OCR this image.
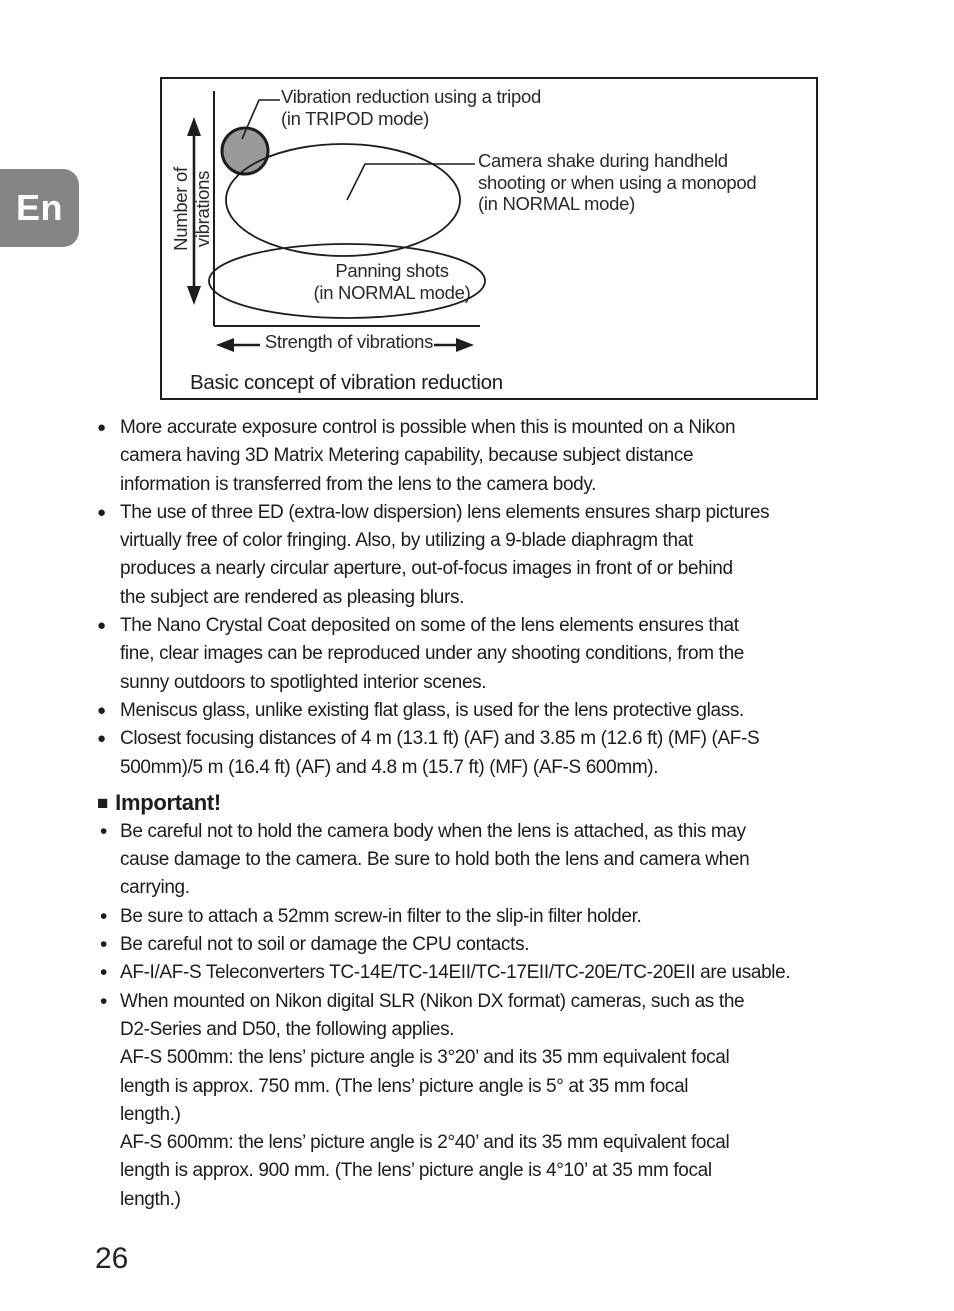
En
Vibration reduction using a tripod
(in TRIPOD mode)
Camera shake during handheld
shooting or when using a monopod
(in NORMAL mode)
Panning shots
(in NORMAL mode)
Strength of vibrations
Number of vibrations
Basic concept of vibration reduction
● More accurate exposure control is possible when this is mounted on a Nikon
camera having 3D Matrix Metering capability, because subject distance
information is transferred from the lens to the camera body.
● The use of three ED (extra-low dispersion) lens elements ensures sharp pictures
virtually free of color fringing. Also, by utilizing a 9-blade diaphragm that
produces a nearly circular aperture, out-of-focus images in front of or behind
the subject are rendered as pleasing blurs.
● The Nano Crystal Coat deposited on some of the lens elements ensures that
fine, clear images can be reproduced under any shooting conditions, from the
sunny outdoors to spotlighted interior scenes.
● Meniscus glass, unlike existing flat glass, is used for the lens protective glass.
● Closest focusing distances of 4 m (13.1 ft) (AF) and 3.85 m (12.6 ft) (MF) (AF-S
500mm)/5 m (16.4 ft) (AF) and 4.8 m (15.7 ft) (MF) (AF-S 600mm).
■ Important!
• Be careful not to hold the camera body when the lens is attached, as this may
cause damage to the camera. Be sure to hold both the lens and camera when
carrying.
• Be sure to attach a 52mm screw-in filter to the slip-in filter holder.
• Be careful not to soil or damage the CPU contacts.
• AF-I/AF-S Teleconverters TC-14E/TC-14EII/TC-17EII/TC-20E/TC-20EII are usable.
• When mounted on Nikon digital SLR (Nikon DX format) cameras, such as the
D2-Series and D50, the following applies.
AF-S 500mm: the lens’ picture angle is 3°20’ and its 35 mm equivalent focal
length is approx. 750 mm. (The lens’ picture angle is 5° at 35 mm focal
length.)
AF-S 600mm: the lens’ picture angle is 2°40’ and its 35 mm equivalent focal
length is approx. 900 mm. (The lens’ picture angle is 4°10’ at 35 mm focal
length.)
26
